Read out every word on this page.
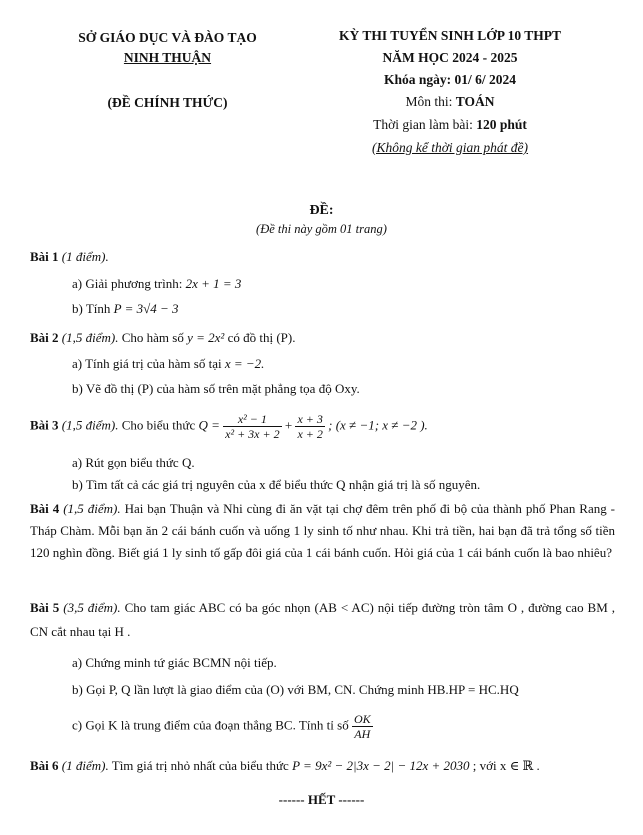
SỞ GIÁO DỤC VÀ ĐÀO TẠO
NINH THUẬN
(ĐỀ CHÍNH THỨC)
KỲ THI TUYỂN SINH LỚP 10 THPT
NĂM HỌC 2024 - 2025
Khóa ngày: 01/ 6/ 2024
Môn thi: TOÁN
Thời gian làm bài: 120 phút
(Không kể thời gian phát đề)
ĐỀ:
(Đề thi này gồm 01 trang)
Bài 1 (1 điểm).
a) Giải phương trình: 2x + 1 = 3
b) Tính P = 3√4 − 3
Bài 2 (1,5 điểm). Cho hàm số y = 2x² có đồ thị (P).
a) Tính giá trị của hàm số tại x = −2.
b) Vẽ đồ thị (P) của hàm số trên mặt phẳng tọa độ Oxy.
Bài 3 (1,5 điểm). Cho biểu thức $Q = \frac{\text{x² − 1}}{\text{x² + 3x + 2}} + \frac{x + 3}{x + 2}$ ; (x ≠ −1; x ≠ −2 ).
a) Rút gọn biểu thức Q.
b) Tìm tất cả các giá trị nguyên của x để biểu thức Q nhận giá trị là số nguyên.
Bài 4 (1,5 điểm). Hai bạn Thuận và Nhi cùng đi ăn vặt tại chợ đêm trên phố đi bộ của thành phố Phan Rang - Tháp Chàm. Mỗi bạn ăn 2 cái bánh cuốn và uống 1 ly sinh tố như nhau. Khi trả tiền, hai bạn đã trả tổng số tiền 120 nghìn đồng. Biết giá 1 ly sinh tố gấp đôi giá của 1 cái bánh cuốn. Hỏi giá của 1 cái bánh cuốn là bao nhiêu?
Bài 5 (3,5 điểm). Cho tam giác ABC có ba góc nhọn (AB < AC) nội tiếp đường tròn tâm O , đường cao BM , CN cắt nhau tại H .
a) Chứng minh tứ giác BCMN nội tiếp.
b) Gọi P, Q lần lượt là giao điểm của (O) với BM, CN. Chứng minh HB.HP = HC.HQ
c) Gọi K là trung điểm của đoạn thẳng BC. Tính tỉ số $\frac{OK}{AH}$
Bài 6 (1 điểm). Tìm giá trị nhỏ nhất của biểu thức P = 9x² − 2|3x − 2| − 12x + 2030 ; với x ∈ ℝ .
------ HẾT ------
